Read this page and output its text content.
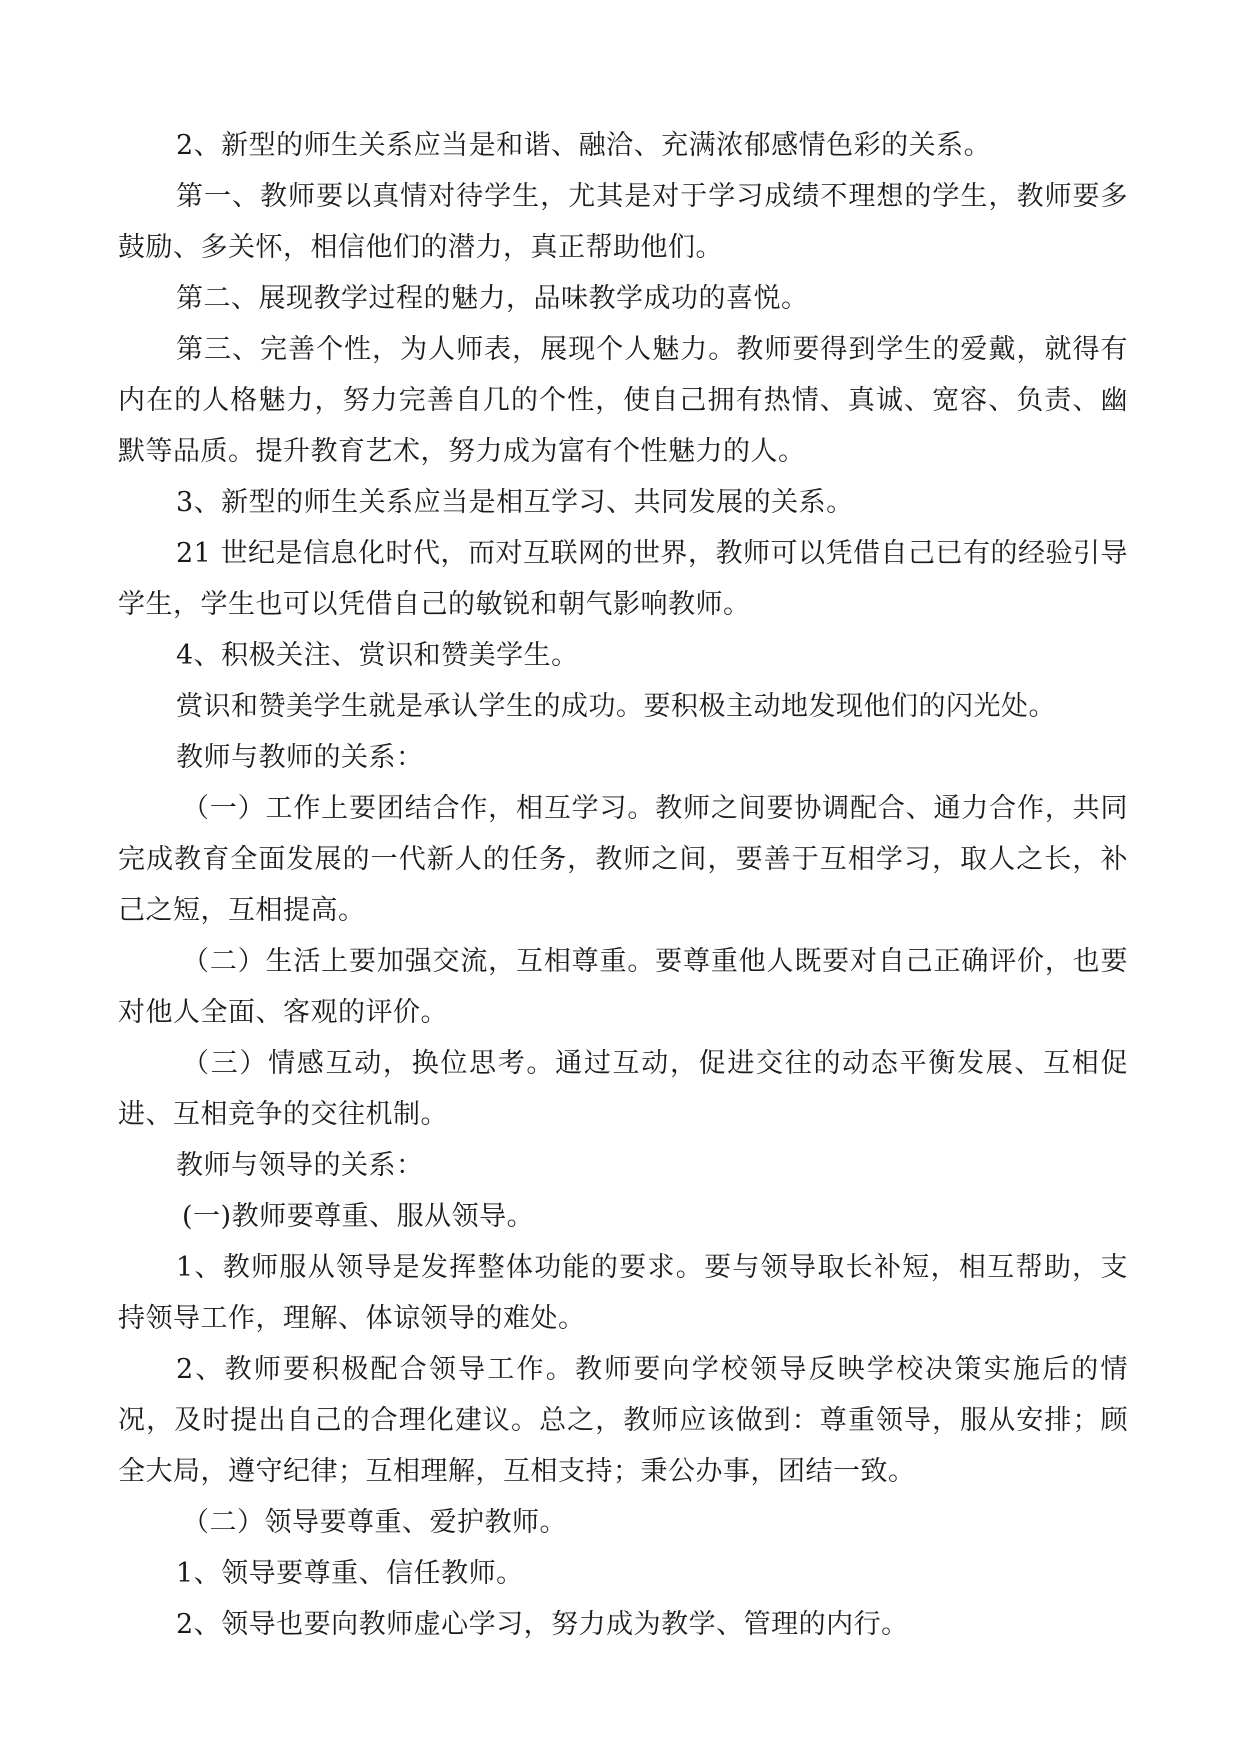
2、新型的师生关系应当是和谐、融洽、充满浓郁感情色彩的关系。

第一、教师要以真情对待学生，尤其是对于学习成绩不理想的学生，教师要多鼓励、多关怀，相信他们的潜力，真正帮助他们。

第二、展现教学过程的魅力，品味教学成功的喜悦。

第三、完善个性，为人师表，展现个人魅力。教师要得到学生的爱戴，就得有内在的人格魅力，努力完善自几的个性，使自己拥有热情、真诚、宽容、负责、幽默等品质。提升教育艺术，努力成为富有个性魅力的人。

3、新型的师生关系应当是相互学习、共同发展的关系。

21 世纪是信息化时代，而对互联网的世界，教师可以凭借自己已有的经验引导学生，学生也可以凭借自己的敏锐和朝气影响教师。

4、积极关注、赏识和赞美学生。

赏识和赞美学生就是承认学生的成功。要积极主动地发现他们的闪光处。

教师与教师的关系：

（一）工作上要团结合作，相互学习。教师之间要协调配合、通力合作，共同完成教育全面发展的一代新人的任务，教师之间，要善于互相学习，取人之长，补己之短，互相提高。

（二）生活上要加强交流，互相尊重。要尊重他人既要对自己正确评价，也要对他人全面、客观的评价。

（三）情感互动，换位思考。通过互动，促进交往的动态平衡发展、互相促进、互相竞争的交往机制。

教师与领导的关系：

(一)教师要尊重、服从领导。

1、教师服从领导是发挥整体功能的要求。要与领导取长补短，相互帮助，支持领导工作，理解、体谅领导的难处。

2、教师要积极配合领导工作。教师要向学校领导反映学校决策实施后的情况，及时提出自己的合理化建议。总之，教师应该做到：尊重领导，服从安排；顾全大局，遵守纪律；互相理解，互相支持；秉公办事，团结一致。

（二）领导要尊重、爱护教师。

1、领导要尊重、信任教师。

2、领导也要向教师虚心学习，努力成为教学、管理的内行。
